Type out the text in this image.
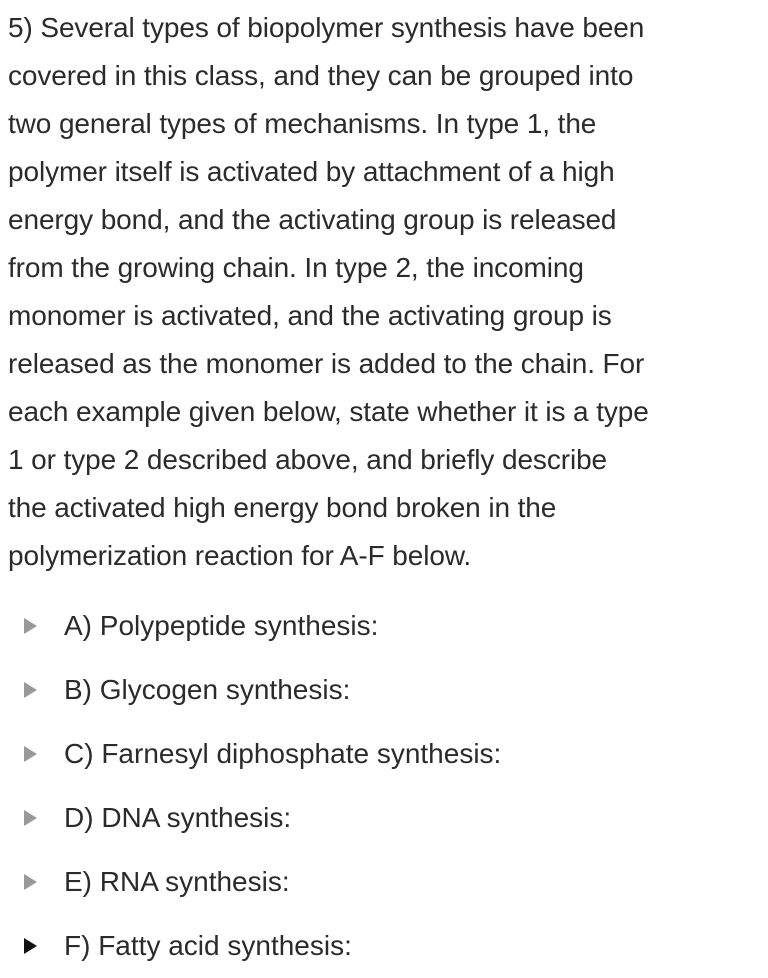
5) Several types of biopolymer synthesis have been
covered in this class, and they can be grouped into
two general types of mechanisms. In type 1, the
polymer itself is activated by attachment of a high
energy bond, and the activating group is released
from the growing chain. In type 2, the incoming
monomer is activated, and the activating group is
released as the monomer is added to the chain. For
each example given below, state whether it is a type
1 or type 2 described above, and briefly describe
the activated high energy bond broken in the
polymerization reaction for A-F below.

A) Polypeptide synthesis:
B) Glycogen synthesis:
C) Farnesyl diphosphate synthesis:
D) DNA synthesis:
E) RNA synthesis:
F) Fatty acid synthesis:
